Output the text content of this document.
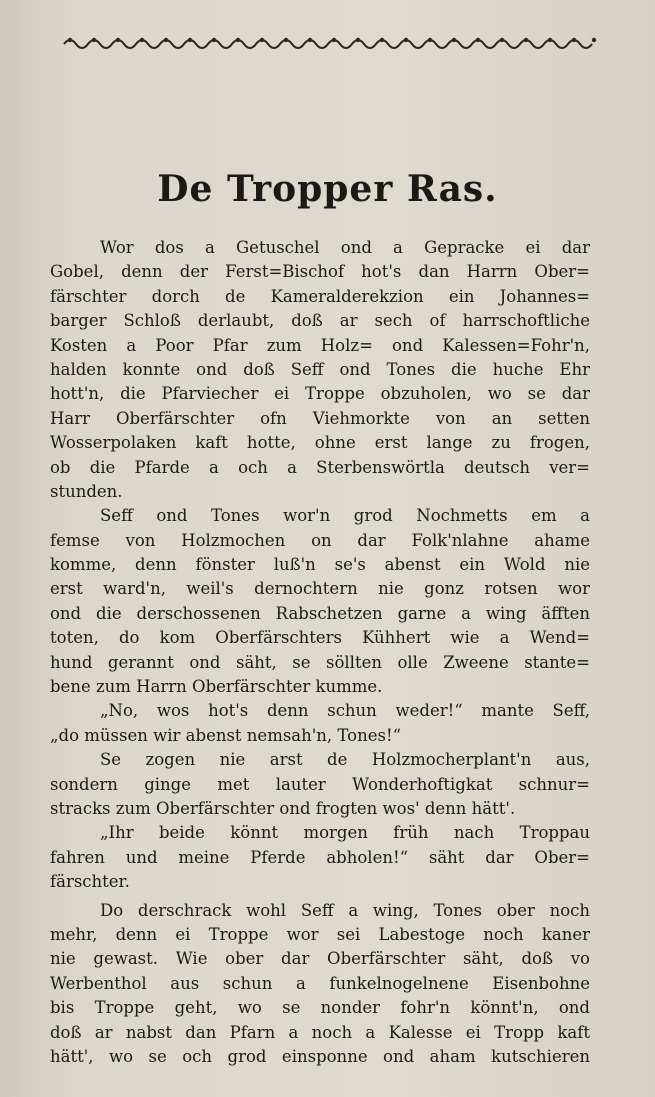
De Tropper Ras.
Wor dos a Getuschel ond a Gepracke ei dar
Gobel, denn der Ferst=Bischof hot's dan Harrn Ober=
färschter dorch de Kameralderekzion ein Johannes=
barger Schloß derlaubt, doß ar sech of harrschoftliche
Kosten a Poor Pfar zum Holz= ond Kalessen=Fohr'n,
halden konnte ond doß Seff ond Tones die huche Ehr
hott'n, die Pfarviecher ei Troppe obzuholen, wo se dar
Harr Oberfärschter ofn Viehmorkte von an setten
Wosserpolaken kaft hotte, ohne erst lange zu frogen,
ob die Pfarde a och a Sterbenswörtla deutsch ver=
stunden.
Seff ond Tones wor'n grod Nochmetts em a
femse von Holzmochen on dar Folk'nlahne ahame
komme, denn fönster luß'n se's abenst ein Wold nie
erst ward'n, weil's dernochtern nie gonz rotsen wor
ond die derschossenen Rabschetzen garne a wing äfften
toten, do kom Oberfärschters Kühhert wie a Wend=
hund gerannt ond säht, se söllten olle Zweene stante=
bene zum Harrn Oberfärschter kumme.
„No, wos hot's denn schun weder!“ mante Seff,
„do müssen wir abenst nemsah'n, Tones!“
Se zogen nie arst de Holzmocherplant'n aus,
sondern ginge met lauter Wonderhoftigkat schnur=
stracks zum Oberfärschter ond frogten wos' denn hätt'.
„Ihr beide könnt morgen früh nach Troppau
fahren und meine Pferde abholen!“ säht dar Ober=
färschter.
Do derschrack wohl Seff a wing, Tones ober noch
mehr, denn ei Troppe wor sei Labestoge noch kaner
nie gewast. Wie ober dar Oberfärschter säht, doß vo
Werbenthol aus schun a funkelnogelnene Eisenbohne
bis Troppe geht, wo se nonder fohr'n könnt'n, ond
doß ar nabst dan Pfarn a noch a Kalesse ei Tropp kaft
hätt', wo se och grod einsponne ond aham kutschieren
